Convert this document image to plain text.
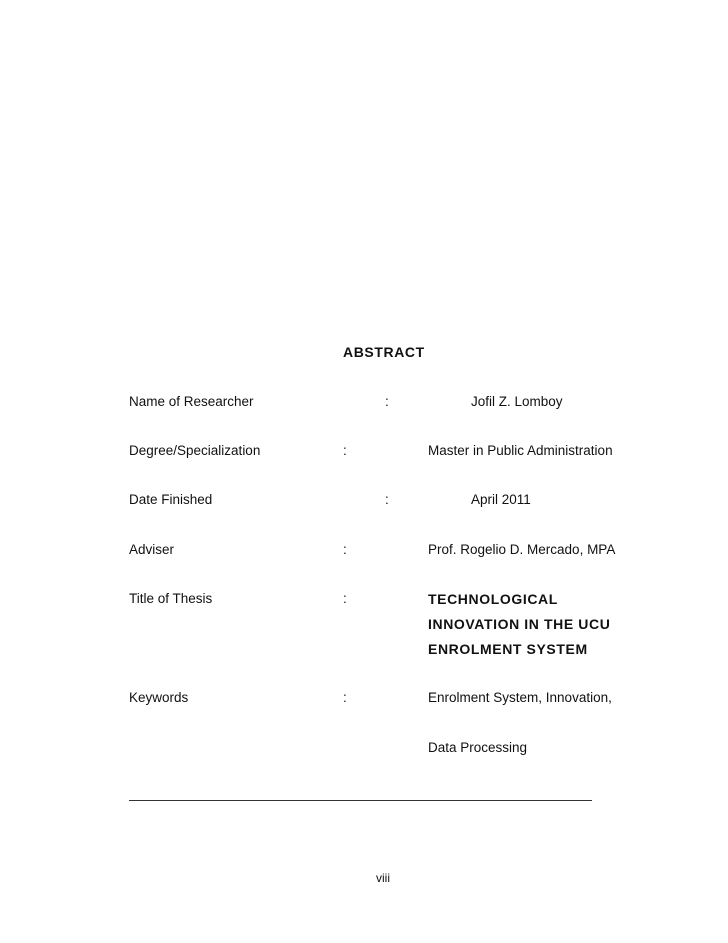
ABSTRACT
Name of Researcher	:	Jofil Z. Lomboy
Degree/Specialization	:	Master in Public Administration
Date Finished	:	April 2011
Adviser	:	Prof. Rogelio D. Mercado, MPA
Title of Thesis	:	TECHNOLOGICAL
INNOVATION IN THE UCU
ENROLMENT SYSTEM
Keywords	:	Enrolment System, Innovation,
Data Processing
viii
